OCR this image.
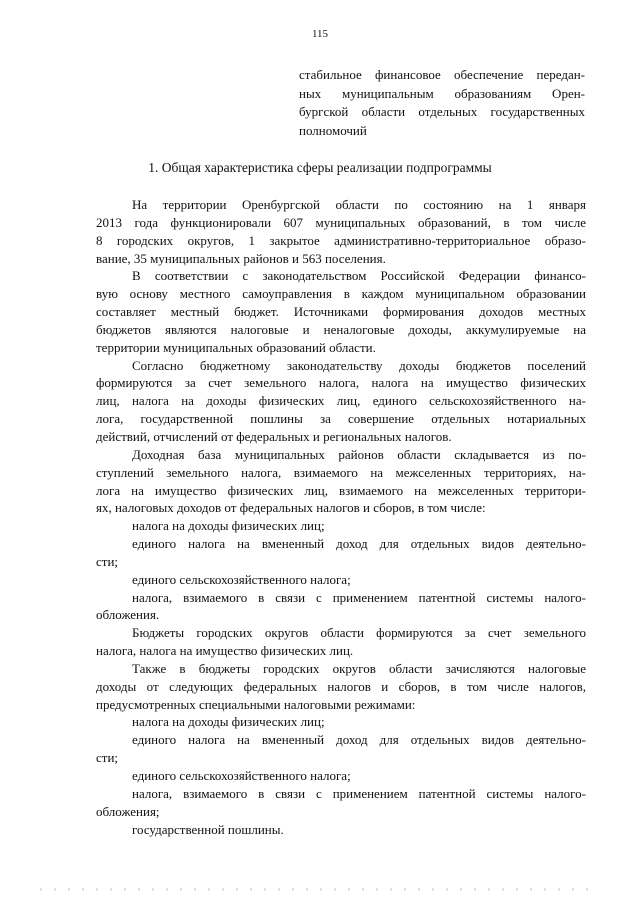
115
стабильное финансовое обеспечение передан-
ных муниципальным образованиям Орен-
бургской области отдельных государственных
полномочий
1. Общая характеристика сферы реализации подпрограммы
На территории Оренбургской области по состоянию на 1 января
2013 года функционировали 607 муниципальных образований, в том числе
8 городских округов, 1 закрытое административно-территориальное образо-
вание, 35 муниципальных районов и 563 поселения.
В соответствии с законодательством Российской Федерации финансо-
вую основу местного самоуправления в каждом муниципальном образовании
составляет местный бюджет. Источниками формирования доходов местных
бюджетов являются налоговые и неналоговые доходы, аккумулируемые на
территории муниципальных образований области.
Согласно бюджетному законодательству доходы бюджетов поселений
формируются за счет земельного налога, налога на имущество физических
лиц, налога на доходы физических лиц, единого сельскохозяйственного на-
лога, государственной пошлины за совершение отдельных нотариальных
действий, отчислений от федеральных и региональных налогов.
Доходная база муниципальных районов области складывается из по-
ступлений земельного налога, взимаемого на межселенных территориях, на-
лога на имущество физических лиц, взимаемого на межселенных территори-
ях, налоговых доходов от федеральных налогов и сборов, в том числе:
налога на доходы физических лиц;
единого налога на вмененный доход для отдельных видов деятельно-
сти;
единого сельскохозяйственного налога;
налога, взимаемого в связи с применением патентной системы налого-
обложения.
Бюджеты городских округов области формируются за счет земельного
налога, налога на имущество физических лиц.
Также в бюджеты городских округов области зачисляются налоговые
доходы от следующих федеральных налогов и сборов, в том числе налогов,
предусмотренных специальными налоговыми режимами:
налога на доходы физических лиц;
единого налога на вмененный доход для отдельных видов деятельно-
сти;
единого сельскохозяйственного налога;
налога, взимаемого в связи с применением патентной системы налого-
обложения;
государственной пошлины.
